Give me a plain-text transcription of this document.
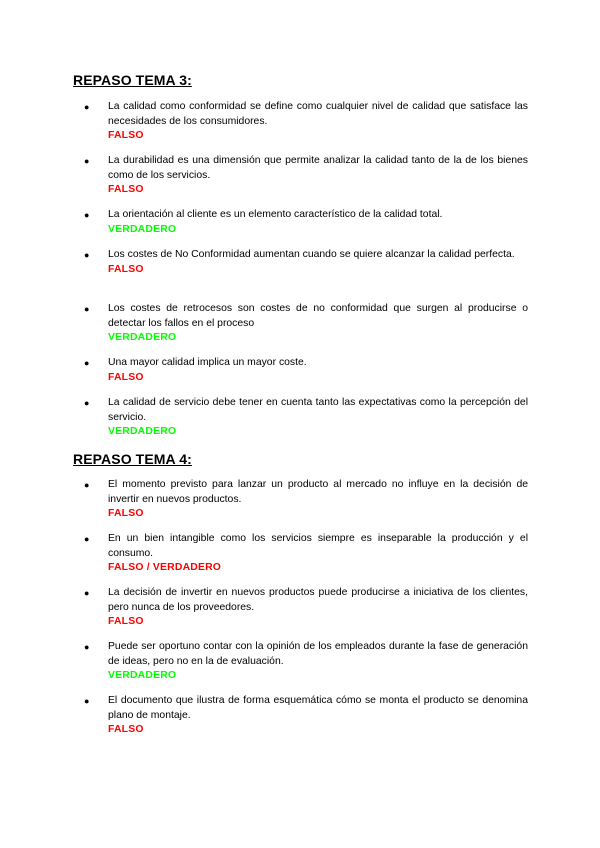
REPASO TEMA 3:
● La calidad como conformidad se define como cualquier nivel de calidad que satisface las necesidades de los consumidores.

FALSO

● La durabilidad es una dimensión que permite analizar la calidad tanto de la de los bienes como de los servicios.

FALSO

● La orientación al cliente es un elemento característico de la calidad total.

VERDADERO

● Los costes de No Conformidad aumentan cuando se quiere alcanzar la calidad perfecta.

FALSO

● Los costes de retrocesos son costes de no conformidad que surgen al producirse o detectar los fallos en el proceso

VERDADERO

● Una mayor calidad implica un mayor coste.

FALSO

● La calidad de servicio debe tener en cuenta tanto las expectativas como la percepción del servicio.

VERDADERO

REPASO TEMA 4:
● El momento previsto para lanzar un producto al mercado no influye en la decisión de invertir en nuevos productos.

FALSO

● En un bien intangible como los servicios siempre es inseparable la producción y el consumo.

FALSO / VERDADERO

● La decisión de invertir en nuevos productos puede producirse a iniciativa de los clientes, pero nunca de los proveedores.

FALSO

● Puede ser oportuno contar con la opinión de los empleados durante la fase de generación de ideas, pero no en la de evaluación.

VERDADERO

● El documento que ilustra de forma esquemática cómo se monta el producto se denomina plano de montaje.

FALSO
